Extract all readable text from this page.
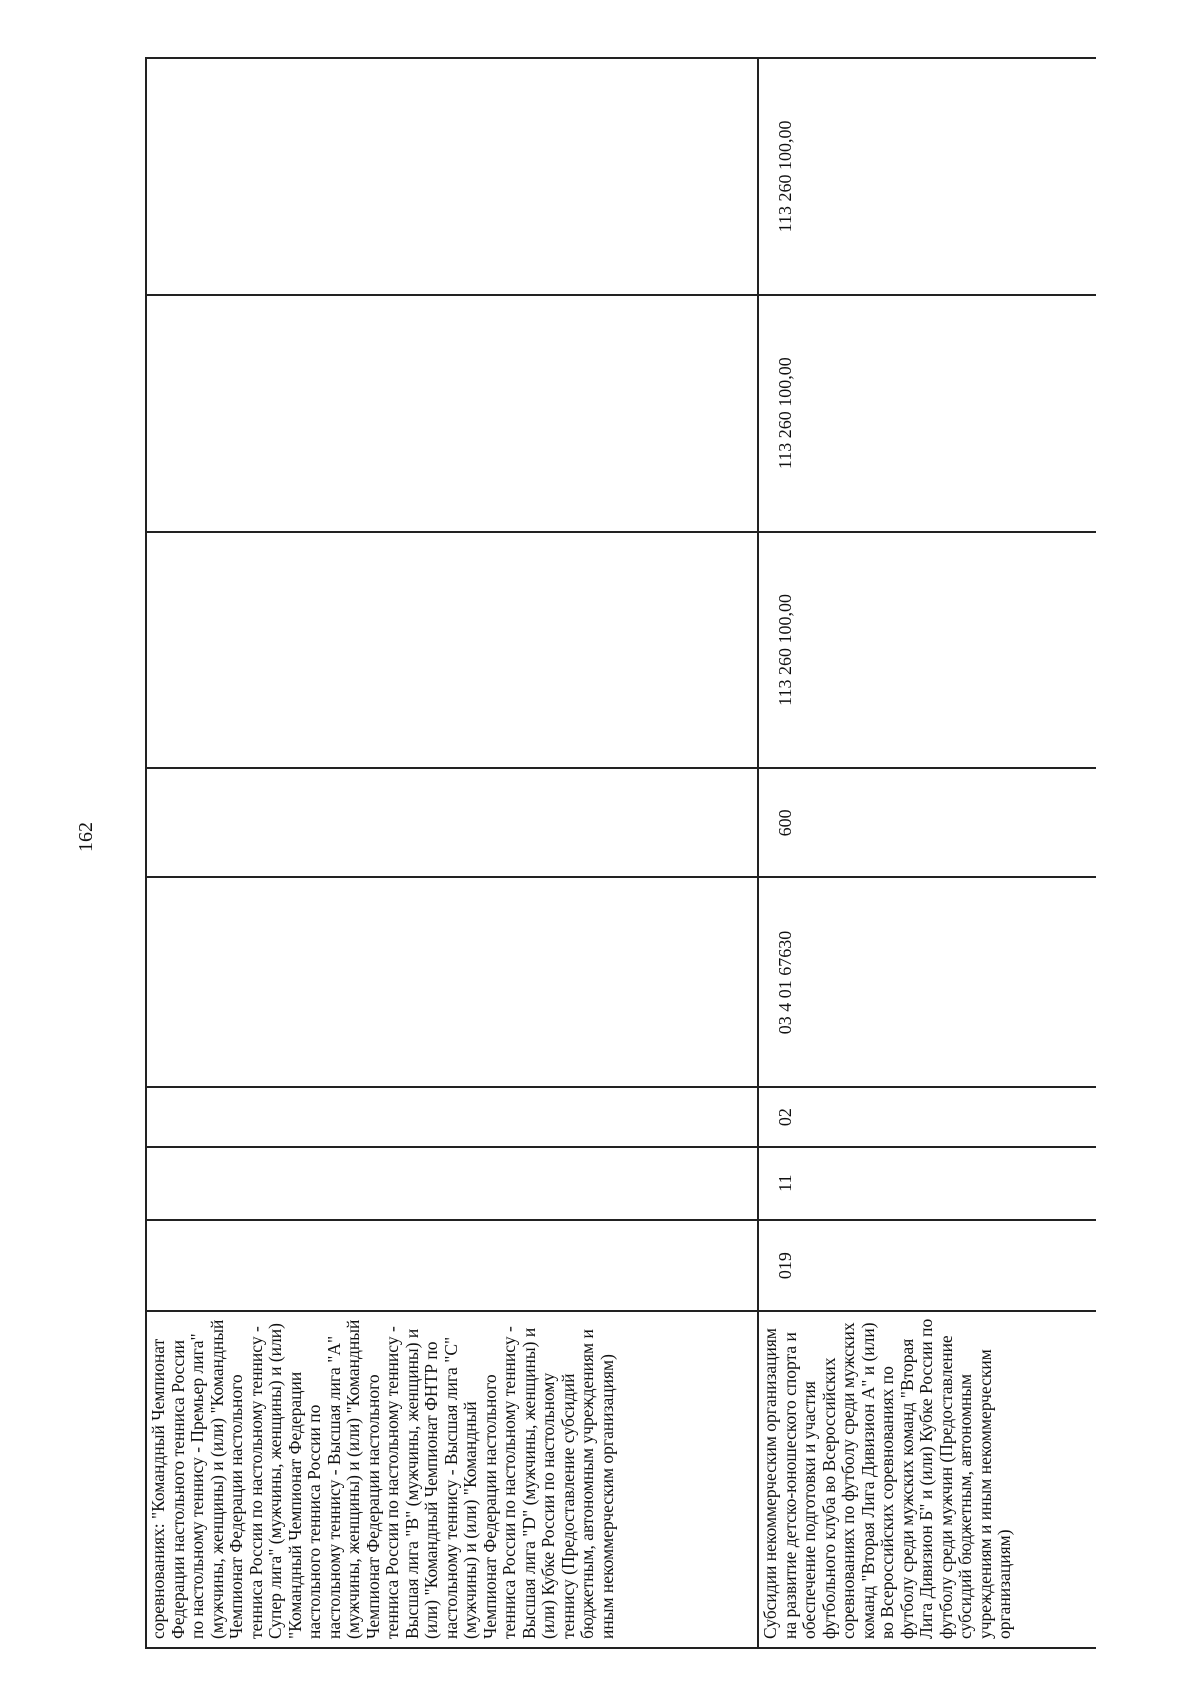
162
соревнованиях: "Командный Чемпионат Федерации настольного тенниса России по настольному теннису - Премьер лига" (мужчины, женщины) и (или) "Командный Чемпионат Федерации настольного тенниса России по настольному теннису - Супер лига" (мужчины, женщины) и (или) "Командный Чемпионат Федерации настольного тенниса России по настольному теннису - Высшая лига "А" (мужчины, женщины) и (или) "Командный Чемпионат Федерации настольного тенниса России по настольному теннису - Высшая лига "В" (мужчины, женщины) и (или) "Командный Чемпионат ФНТР по настольному теннису - Высшая лига "С" (мужчины) и (или) "Командный Чемпионат Федерации настольного тенниса России по настольному теннису - Высшая лига "D" (мужчины, женщины) и (или) Кубке России по настольному теннису (Предоставление субсидий бюджетным, автономным учреждениям и иным некоммерческим организациям)								

Субсидии некоммерческим организациям на развитие детско-юношеского спорта и обеспечение подготовки и участия футбольного клуба во Всероссийских соревнованиях по футболу среди мужских команд "Вторая Лига Дивизион А" и (или) во Всероссийских соревнованиях по футболу среди мужских команд "Вторая Лига Дивизион Б" и (или) Кубке России по футболу среди мужчин (Предоставление субсидий бюджетным, автономным учреждениям и иным некоммерческим организациям)	019	11	02	03 4 01 67630	600	113 260 100,00	113 260 100,00	113 260 100,00
